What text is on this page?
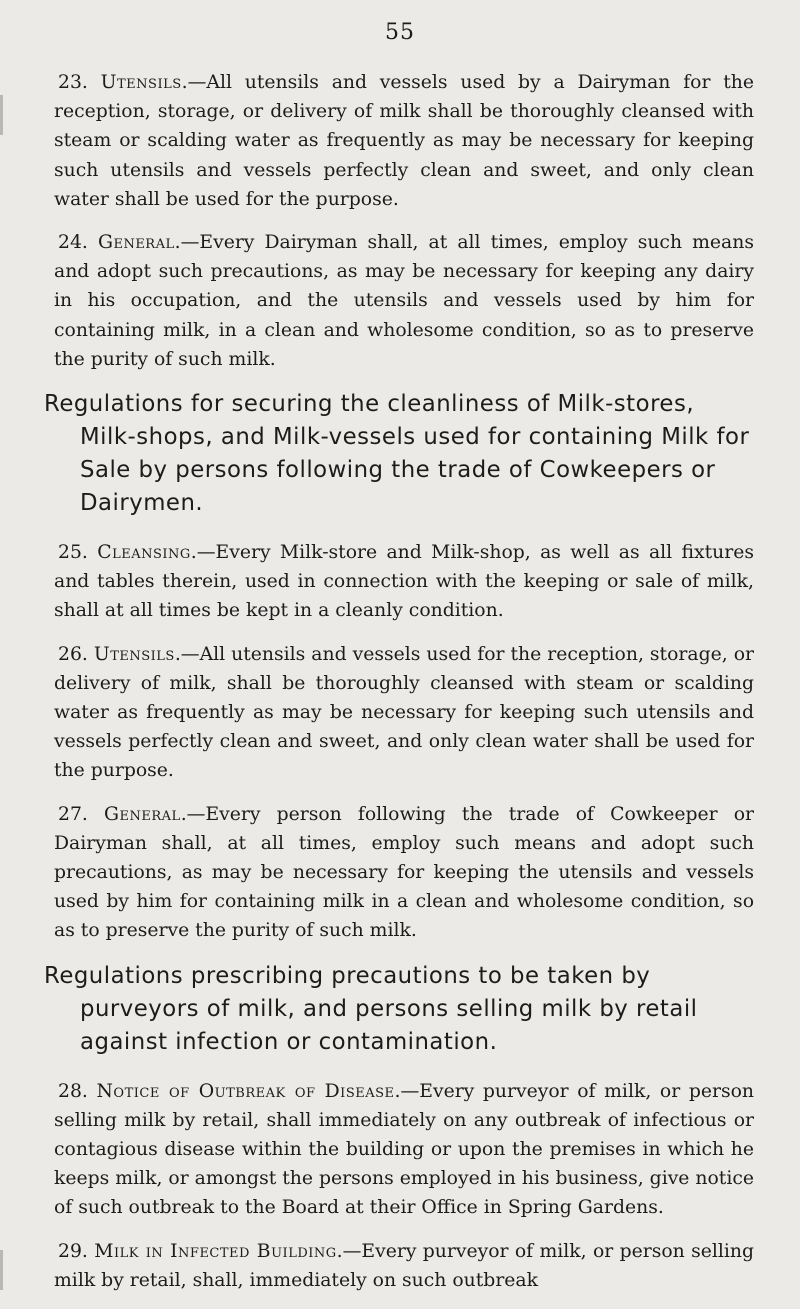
55

23. Utensils.—All utensils and vessels used by a Dairyman for the reception, storage, or delivery of milk shall be thoroughly cleansed with steam or scalding water as frequently as may be necessary for keeping such utensils and vessels perfectly clean and sweet, and only clean water shall be used for the purpose.

24. General.—Every Dairyman shall, at all times, employ such means and adopt such precautions, as may be necessary for keeping any dairy in his occupation, and the utensils and vessels used by him for containing milk, in a clean and wholesome condition, so as to preserve the purity of such milk.

Regulations for securing the cleanliness of Milk-stores, Milk-shops, and Milk-vessels used for containing Milk for Sale by persons following the trade of Cowkeepers or Dairymen.

25. Cleansing.—Every Milk-store and Milk-shop, as well as all fixtures and tables therein, used in connection with the keeping or sale of milk, shall at all times be kept in a cleanly condition.

26. Utensils.—All utensils and vessels used for the reception, storage, or delivery of milk, shall be thoroughly cleansed with steam or scalding water as frequently as may be necessary for keeping such utensils and vessels perfectly clean and sweet, and only clean water shall be used for the purpose.

27. General.—Every person following the trade of Cowkeeper or Dairyman shall, at all times, employ such means and adopt such precautions, as may be necessary for keeping the utensils and vessels used by him for containing milk in a clean and wholesome condition, so as to preserve the purity of such milk.

Regulations prescribing precautions to be taken by purveyors of milk, and persons selling milk by retail against infection or contamination.

28. Notice of Outbreak of Disease.—Every purveyor of milk, or person selling milk by retail, shall immediately on any outbreak of infectious or contagious disease within the building or upon the premises in which he keeps milk, or amongst the persons employed in his business, give notice of such outbreak to the Board at their Office in Spring Gardens.

29. Milk in Infected Building.—Every purveyor of milk, or person selling milk by retail, shall, immediately on such outbreak
